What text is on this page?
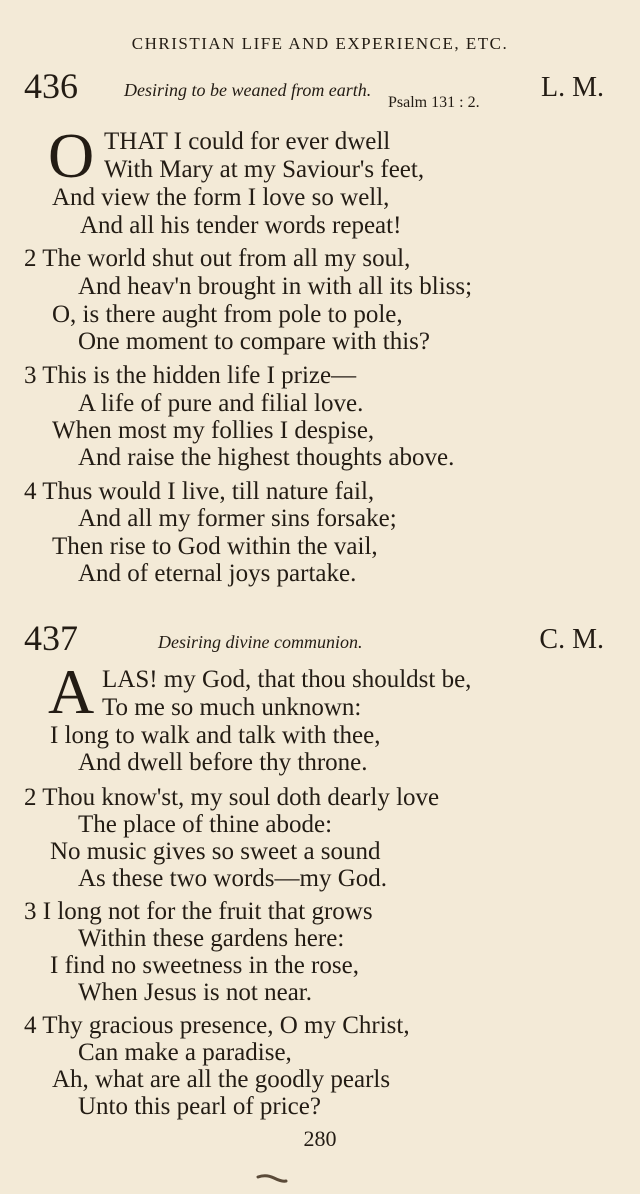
CHRISTIAN LIFE AND EXPERIENCE, ETC.
436	Desiring to be weaned from earth.	L. M.
Psalm 131 : 2.
O THAT I could for ever dwell
With Mary at my Saviour's feet,
And view the form I love so well,
And all his tender words repeat!
2 The world shut out from all my soul,
And heav'n brought in with all its bliss;
O, is there aught from pole to pole,
One moment to compare with this?
3 This is the hidden life I prize—
A life of pure and filial love.
When most my follies I despise,
And raise the highest thoughts above.
4 Thus would I live, till nature fail,
And all my former sins forsake;
Then rise to God within the vail,
And of eternal joys partake.
437	Desiring divine communion.	C. M.
A LAS! my God, that thou shouldst be,
To me so much unknown:
I long to walk and talk with thee,
And dwell before thy throne.
2 Thou know'st, my soul doth dearly love
The place of thine abode:
No music gives so sweet a sound
As these two words—my God.
3 I long not for the fruit that grows
Within these gardens here:
I find no sweetness in the rose,
When Jesus is not near.
4 Thy gracious presence, O my Christ,
Can make a paradise,
Ah, what are all the goodly pearls
Unto this pearl of price?
280
